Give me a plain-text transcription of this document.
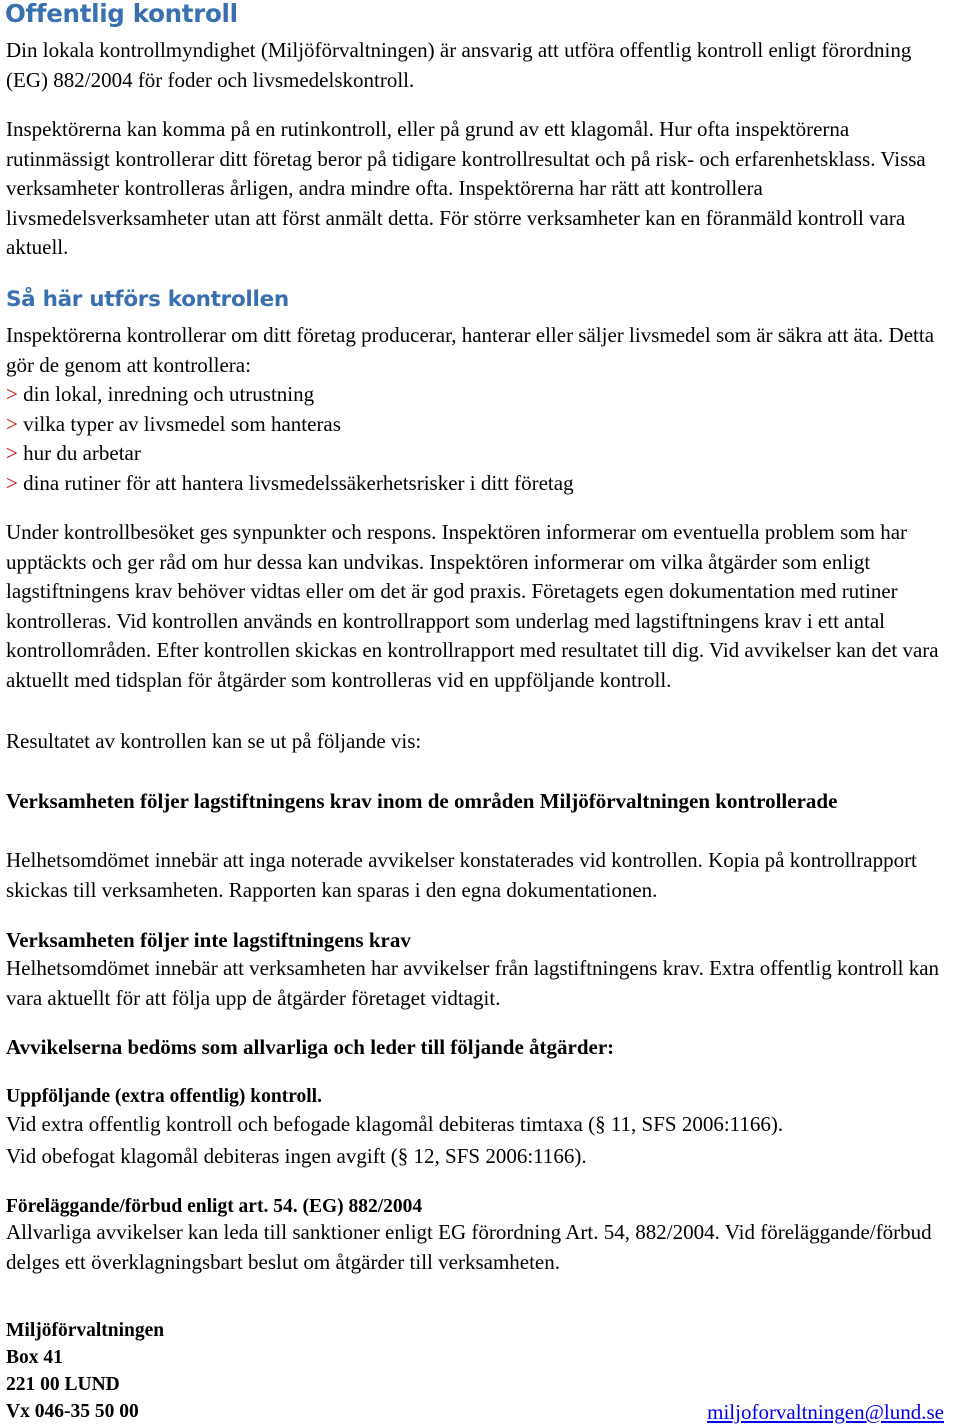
Offentlig kontroll

Din lokala kontrollmyndighet (Miljöförvaltningen) är ansvarig att utföra offentlig kontroll enligt förordning (EG) 882/2004 för foder och livsmedelskontroll.

Inspektörerna kan komma på en rutinkontroll, eller på grund av ett klagomål. Hur ofta inspektörerna rutinmässigt kontrollerar ditt företag beror på tidigare kontrollresultat och på risk- och erfarenhetsklass. Vissa verksamheter kontrolleras årligen, andra mindre ofta. Inspektörerna har rätt att kontrollera livsmedelsverksamheter utan att först anmält detta. För större verksamheter kan en föranmäld kontroll vara aktuell.

Så här utförs kontrollen

Inspektörerna kontrollerar om ditt företag producerar, hanterar eller säljer livsmedel som är säkra att äta. Detta gör de genom att kontrollera:

> din lokal, inredning och utrustning
> vilka typer av livsmedel som hanteras
> hur du arbetar
> dina rutiner för att hantera livsmedelssäkerhetsrisker i ditt företag

Under kontrollbesöket ges synpunkter och respons. Inspektören informerar om eventuella problem som har upptäckts och ger råd om hur dessa kan undvikas. Inspektören informerar om vilka åtgärder som enligt lagstiftningens krav behöver vidtas eller om det är god praxis. Företagets egen dokumentation med rutiner kontrolleras. Vid kontrollen används en kontrollrapport som underlag med lagstiftningens krav i ett antal kontrollområden. Efter kontrollen skickas en kontrollrapport med resultatet till dig. Vid avvikelser kan det vara aktuellt med tidsplan för åtgärder som kontrolleras vid en uppföljande kontroll.

Resultatet av kontrollen kan se ut på följande vis:

Verksamheten följer lagstiftningens krav inom de områden Miljöförvaltningen kontrollerade

Helhetsomdömet innebär att inga noterade avvikelser konstaterades vid kontrollen. Kopia på kontrollrapport skickas till verksamheten. Rapporten kan sparas i den egna dokumentationen.

Verksamheten följer inte lagstiftningens krav

Helhetsomdömet innebär att verksamheten har avvikelser från lagstiftningens krav. Extra offentlig kontroll kan vara aktuellt för att följa upp de åtgärder företaget vidtagit.

Avvikelserna bedöms som allvarliga och leder till följande åtgärder:

Uppföljande (extra offentlig) kontroll.

Vid extra offentlig kontroll och befogade klagomål debiteras timtaxa (§ 11, SFS 2006:1166).

Vid obefogat klagomål debiteras ingen avgift (§ 12, SFS 2006:1166).

Föreläggande/förbud enligt art. 54. (EG) 882/2004

Allvarliga avvikelser kan leda till sanktioner enligt EG förordning Art. 54, 882/2004. Vid föreläggande/förbud delges ett överklagningsbart beslut om åtgärder till verksamheten.

Miljöförvaltningen
Box 41
221 00 LUND
Vx 046-35 50 00	miljoforvaltningen@lund.se
